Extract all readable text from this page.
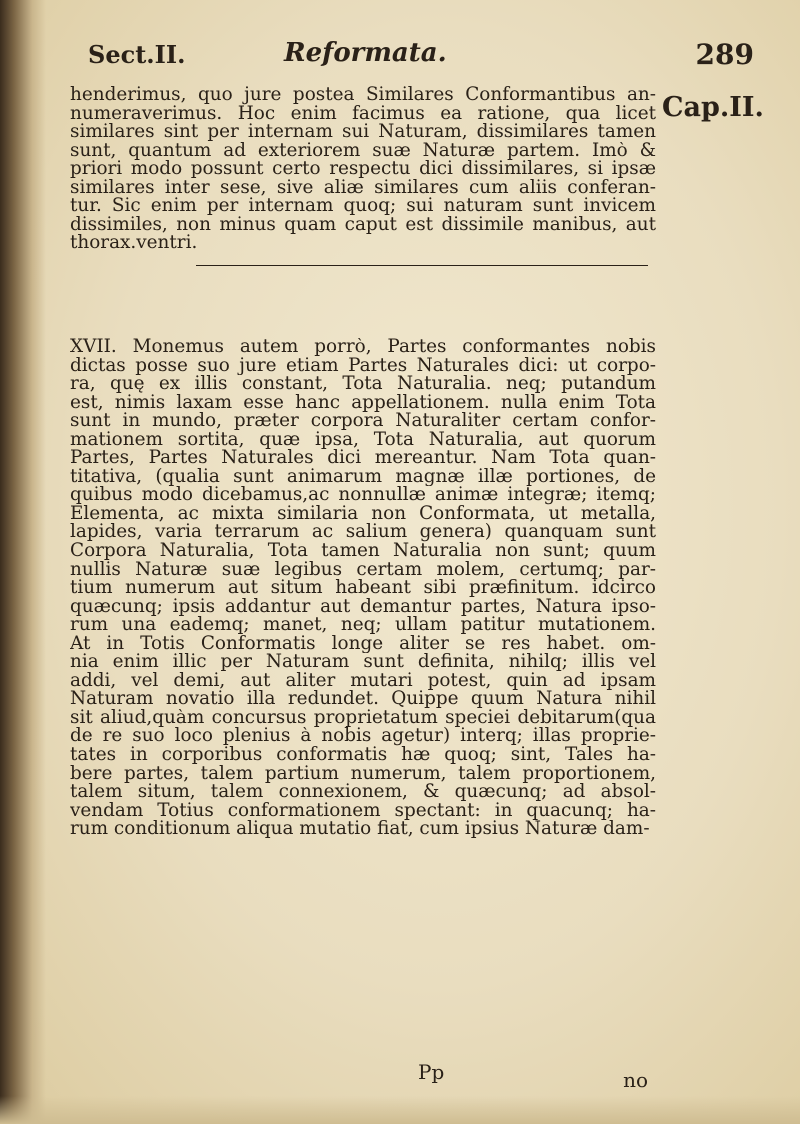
Sect.II.	Reformata.	289
Cap.II.
henderimus, quo jure postea Similares Conformantibus an-
numeraverimus. Hoc enim facimus ea ratione, qua licet
similares sint per internam sui Naturam, dissimilares tamen
sunt, quantum ad exteriorem suæ Naturæ partem. Imò &
priori modo possunt certo respectu dici dissimilares, si ipsæ
similares inter sese, sive aliæ similares cum aliis conferan-
tur. Sic enim per internam quoq; sui naturam sunt invicem
dissimiles, non minus quam caput est dissimile manibus, aut
thorax.ventri.
XVII. Monemus autem porrò, Partes conformantes nobis
dictas posse suo jure etiam Partes Naturales dici: ut corpo-
ra, quę ex illis constant, Tota Naturalia. neq; putandum
est, nimis laxam esse hanc appellationem. nulla enim Tota
sunt in mundo, præter corpora Naturaliter certam confor-
mationem sortita, quæ ipsa, Tota Naturalia, aut quorum
Partes, Partes Naturales dici mereantur. Nam Tota quan-
titativa, (qualia sunt animarum magnæ illæ portiones, de
quibus modo dicebamus,ac nonnullæ animæ integræ; itemq;
Elementa, ac mixta similaria non Conformata, ut metalla,
lapides, varia terrarum ac salium genera) quanquam sunt
Corpora Naturalia, Tota tamen Naturalia non sunt; quum
nullis Naturæ suæ legibus certam molem, certumq; par-
tium numerum aut situm habeant sibi præfinitum. idcirco
quæcunq; ipsis addantur aut demantur partes, Natura ipso-
rum una eademq; manet, neq; ullam patitur mutationem.
At in Totis Conformatis longe aliter se res habet. om-
nia enim illic per Naturam sunt definita, nihilq; illis vel
addi, vel demi, aut aliter mutari potest, quin ad ipsam
Naturam novatio illa redundet. Quippe quum Natura nihil
sit aliud,quàm concursus proprietatum speciei debitarum(qua
de re suo loco plenius à nobis agetur) interq; illas proprie-
tates in corporibus conformatis hæ quoq; sint, Tales ha-
bere partes, talem partium numerum, talem proportionem,
talem situm, talem connexionem, & quæcunq; ad absol-
vendam Totius conformationem spectant: in quacunq; ha-
rum conditionum aliqua mutatio fiat, cum ipsius Naturæ dam-
Pp	no
